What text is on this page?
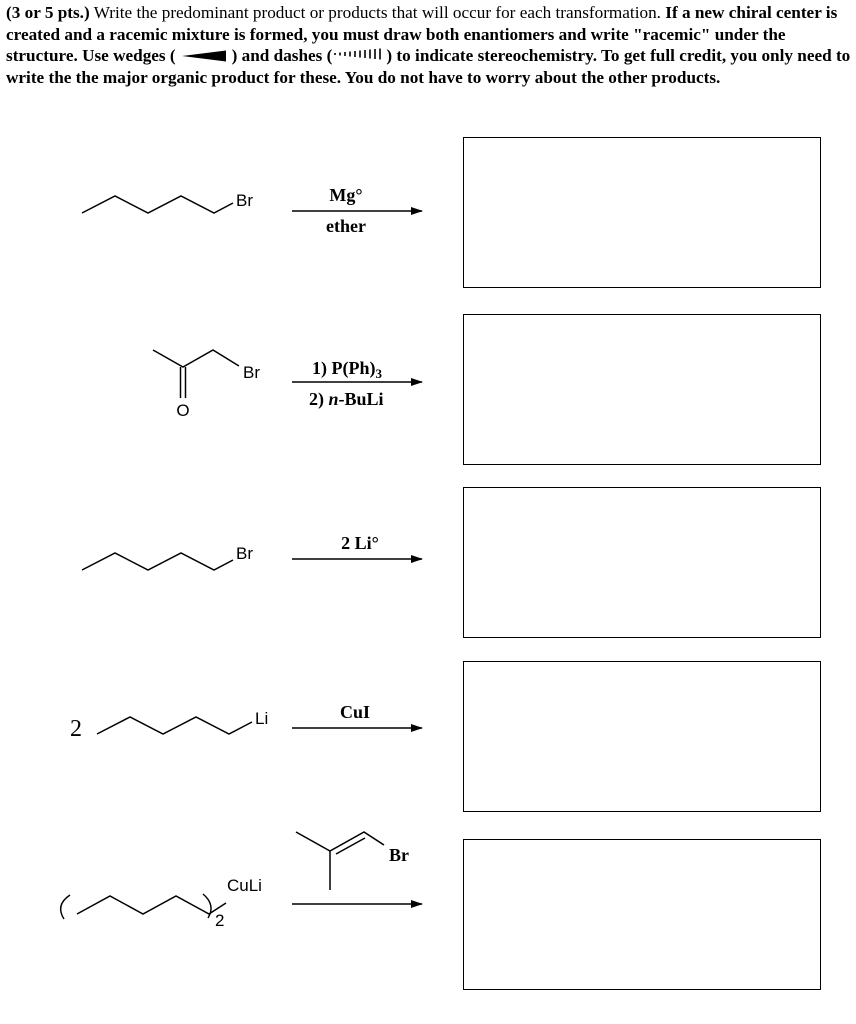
(3 or 5 pts.) Write the predominant product or products that will occur for each transformation. If a new chiral center is created and a racemic mixture is formed, you must draw both enantiomers and write "racemic" under the structure. Use wedges (	) and dashes (	) to indicate stereochemistry. To get full credit, you only need to write the the major organic product for these. You do not have to worry about the other products.

Br	Mg°
ether
O
Br	1) $P(Ph)_3$
2) n-BuLi
Br
2 Li°
2	Li	CuI
CuLi
2
Br
